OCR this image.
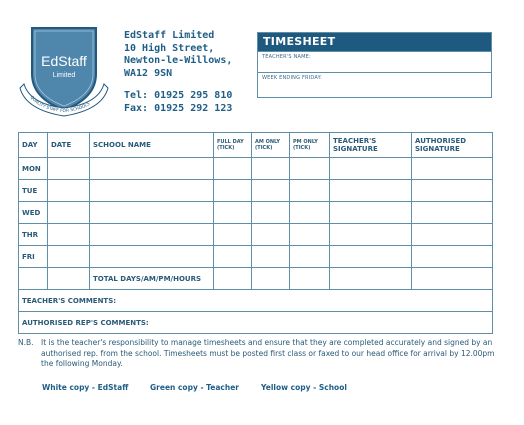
EdStaff
Limited
QUALITY STAFF FOR SCHOOLS
EdStaff Limited
10 High Street,
Newton-le-Willows,
WA12 9SN
Tel: 01925 295 810
Fax: 01925 292 123
TIMESHEET
TEACHER'S NAME:
WEEK ENDING FRIDAY:
DAY	DATE	SCHOOL NAME	FULL DAY (TICK)	AM ONLY (TICK)	PM ONLY (TICK)	TEACHER'S SIGNATURE	AUTHORISED SIGNATURE
MON							
TUE							
WED							
THR							
FRI							
		TOTAL DAYS/AM/PM/HOURS					
TEACHER'S COMMENTS:							
AUTHORISED REP'S COMMENTS:							
N.B. It is the teacher's responsibility to manage timesheets and ensure that they are completed accurately and signed by an authorised rep. from the school. Timesheets must be posted first class or faxed to our head office for arrival by 12.00pm the following Monday.
White copy - EdStaff	Green copy - Teacher	Yellow copy - School
